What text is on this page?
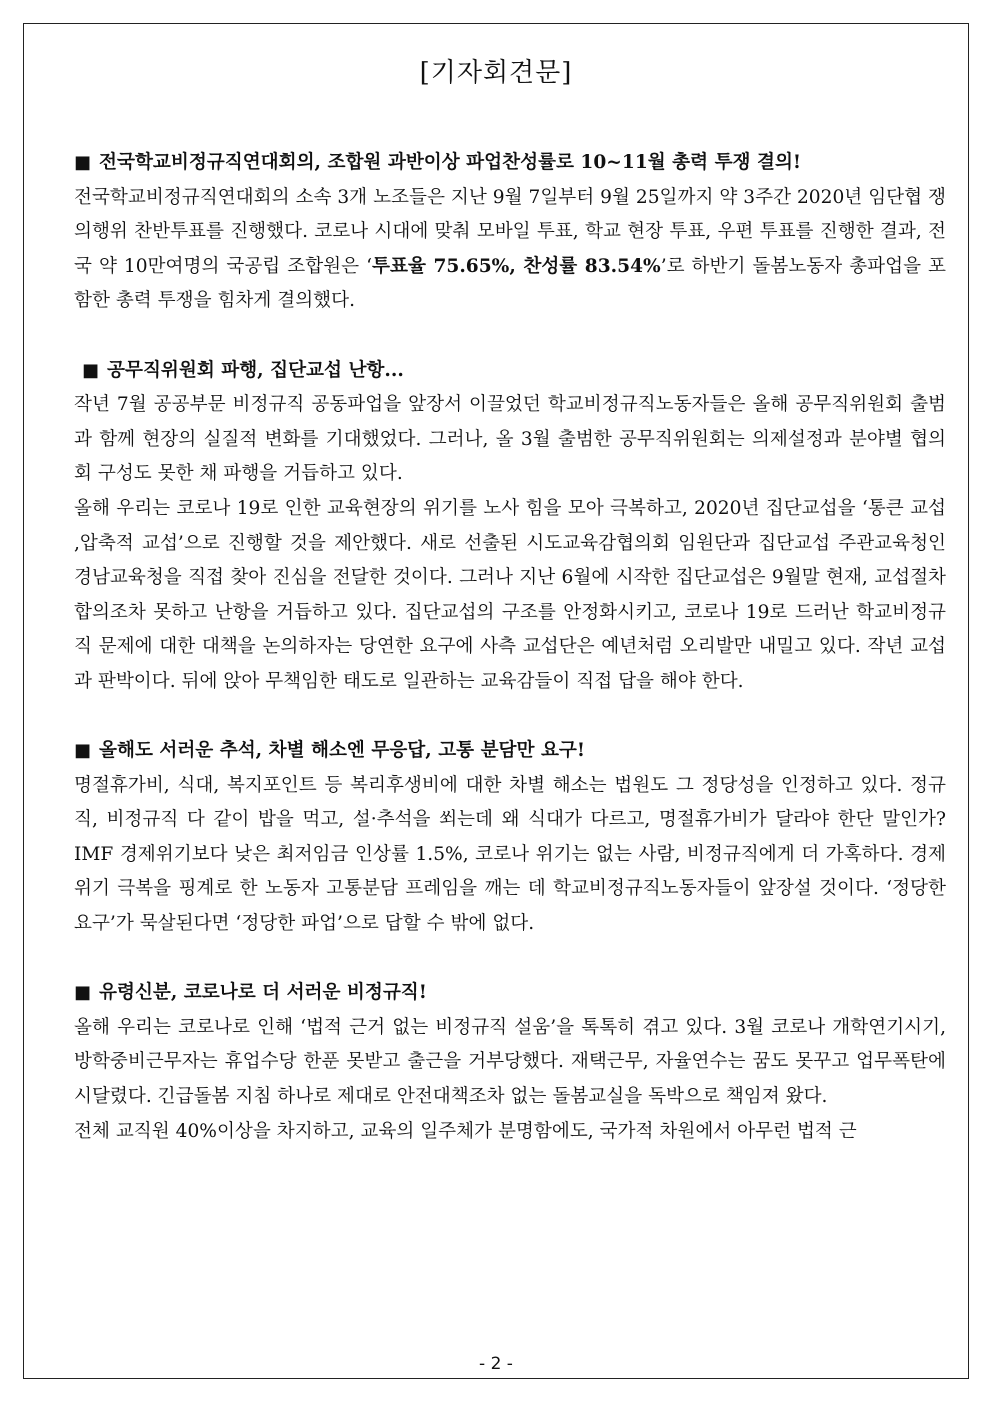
[기자회견문]
■ 전국학교비정규직연대회의, 조합원 과반이상 파업찬성률로 10~11월 총력 투쟁 결의!

전국학교비정규직연대회의 소속 3개 노조들은 지난 9월 7일부터 9월 25일까지 약 3주간 2020년 임단협 쟁의행위 찬반투표를 진행했다. 코로나 시대에 맞춰 모바일 투표, 학교 현장 투표, 우편 투표를 진행한 결과, 전국 약 10만여명의 국공립 조합원은 ‘투표율 75.65%, 찬성률 83.54%’로 하반기 돌봄노동자 총파업을 포함한 총력 투쟁을 힘차게 결의했다.

■ 공무직위원회 파행, 집단교섭 난항...

작년 7월 공공부문 비정규직 공동파업을 앞장서 이끌었던 학교비정규직노동자들은 올해 공무직위원회 출범과 함께 현장의 실질적 변화를 기대했었다. 그러나, 올 3월 출범한 공무직위원회는 의제설정과 분야별 협의회 구성도 못한 채 파행을 거듭하고 있다.

올해 우리는 코로나 19로 인한 교육현장의 위기를 노사 힘을 모아 극복하고, 2020년 집단교섭을 ‘통큰 교섭 ,압축적 교섭’으로 진행할 것을 제안했다. 새로 선출된 시도교육감협의회 임원단과 집단교섭 주관교육청인 경남교육청을 직접 찾아 진심을 전달한 것이다. 그러나 지난 6월에 시작한 집단교섭은 9월말 현재, 교섭절차합의조차 못하고 난항을 거듭하고 있다. 집단교섭의 구조를 안정화시키고, 코로나 19로 드러난 학교비정규직 문제에 대한 대책을 논의하자는 당연한 요구에 사측 교섭단은 예년처럼 오리발만 내밀고 있다. 작년 교섭과 판박이다. 뒤에 앉아 무책임한 태도로 일관하는 교육감들이 직접 답을 해야 한다.

■ 올해도 서러운 추석, 차별 해소엔 무응답, 고통 분담만 요구!

명절휴가비, 식대, 복지포인트 등 복리후생비에 대한 차별 해소는 법원도 그 정당성을 인정하고 있다. 정규직, 비정규직 다 같이 밥을 먹고, 설·추석을 쐬는데 왜 식대가 다르고, 명절휴가비가 달라야 한단 말인가? IMF 경제위기보다 낮은 최저임금 인상률 1.5%, 코로나 위기는 없는 사람, 비정규직에게 더 가혹하다. 경제위기 극복을 핑계로 한 노동자 고통분담 프레임을 깨는 데 학교비정규직노동자들이 앞장설 것이다. ‘정당한 요구’가 묵살된다면 ‘정당한 파업’으로 답할 수 밖에 없다.

■ 유령신분, 코로나로 더 서러운 비정규직!

올해 우리는 코로나로 인해 ‘법적 근거 없는 비정규직 설움’을 톡톡히 겪고 있다. 3월 코로나 개학연기시기, 방학중비근무자는 휴업수당 한푼 못받고 출근을 거부당했다. 재택근무, 자율연수는 꿈도 못꾸고 업무폭탄에 시달렸다. 긴급돌봄 지침 하나로 제대로 안전대책조차 없는 돌봄교실을 독박으로 책임져 왔다.

전체 교직원 40%이상을 차지하고, 교육의 일주체가 분명함에도, 국가적 차원에서 아무런 법적 근

- 2 -
